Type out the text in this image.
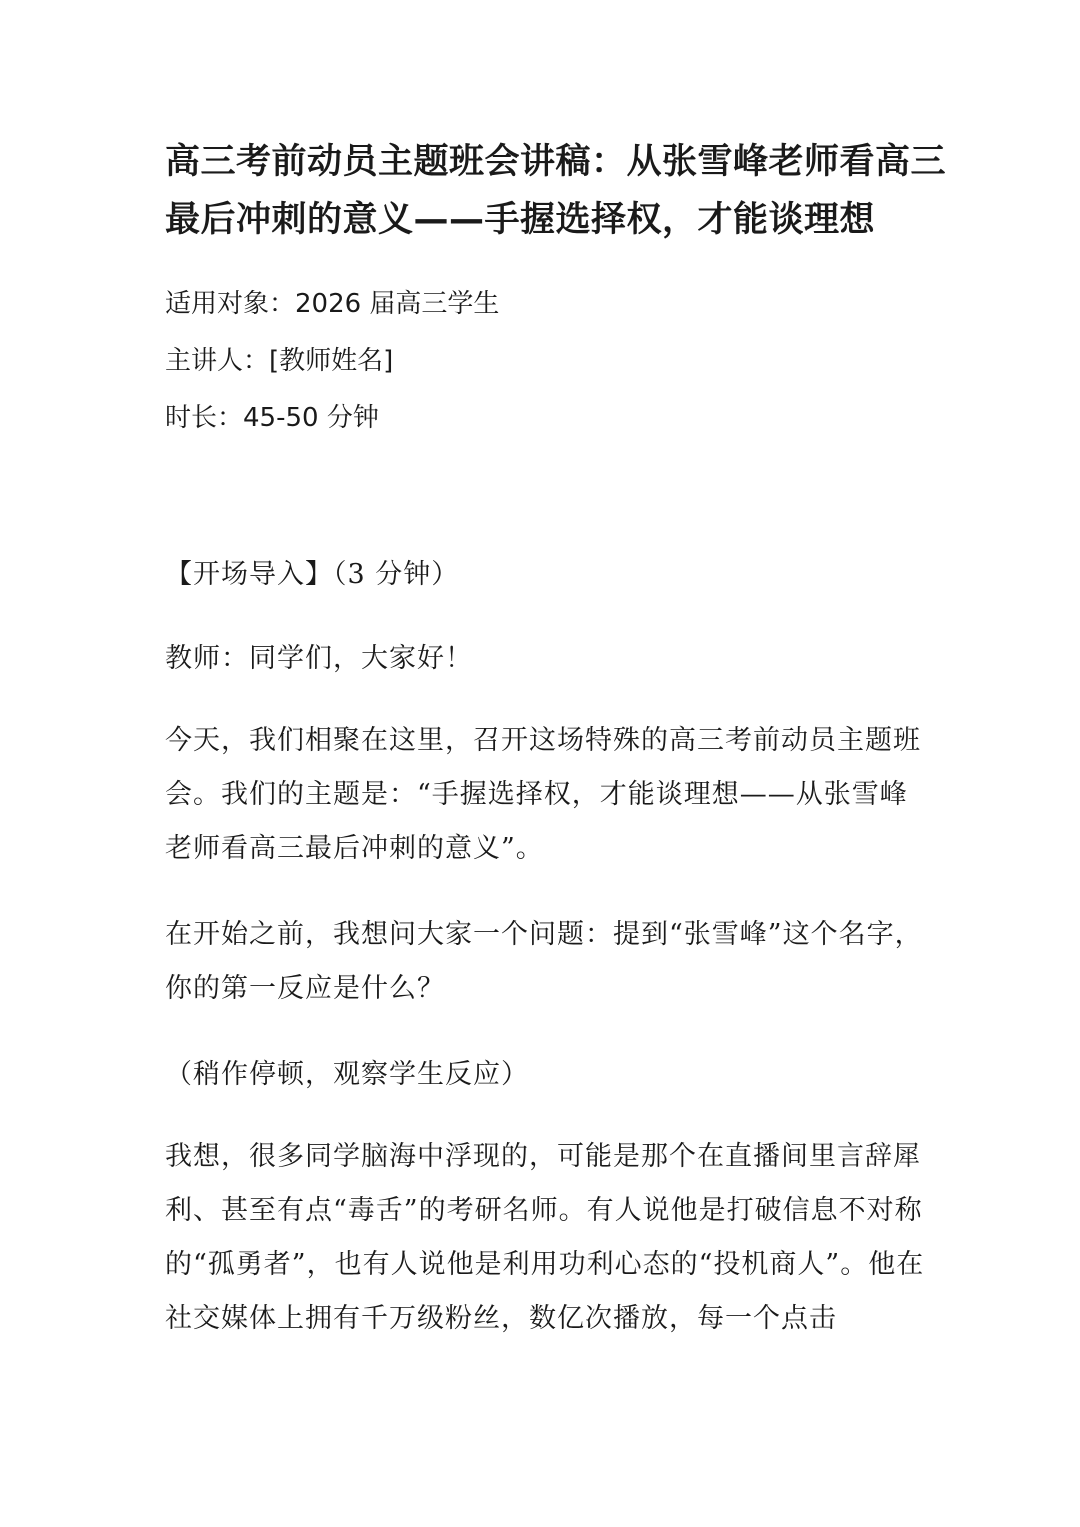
高三考前动员主题班会讲稿：从张雪峰老师看高三最后冲刺的意义——手握选择权，才能谈理想
适用对象：2026 届高三学生
主讲人：[教师姓名]
时长：45-50 分钟

【开场导入】（3 分钟）

教师：同学们，大家好！

今天，我们相聚在这里，召开这场特殊的高三考前动员主题班会。我们的主题是：“手握选择权，才能谈理想——从张雪峰老师看高三最后冲刺的意义”。

在开始之前，我想问大家一个问题：提到“张雪峰”这个名字，你的第一反应是什么？

（稍作停顿，观察学生反应）

我想，很多同学脑海中浮现的，可能是那个在直播间里言辞犀利、甚至有点“毒舌”的考研名师。有人说他是打破信息不对称的“孤勇者”，也有人说他是利用功利心态的“投机商人”。他在社交媒体上拥有千万级粉丝，数亿次播放，每一个点击
